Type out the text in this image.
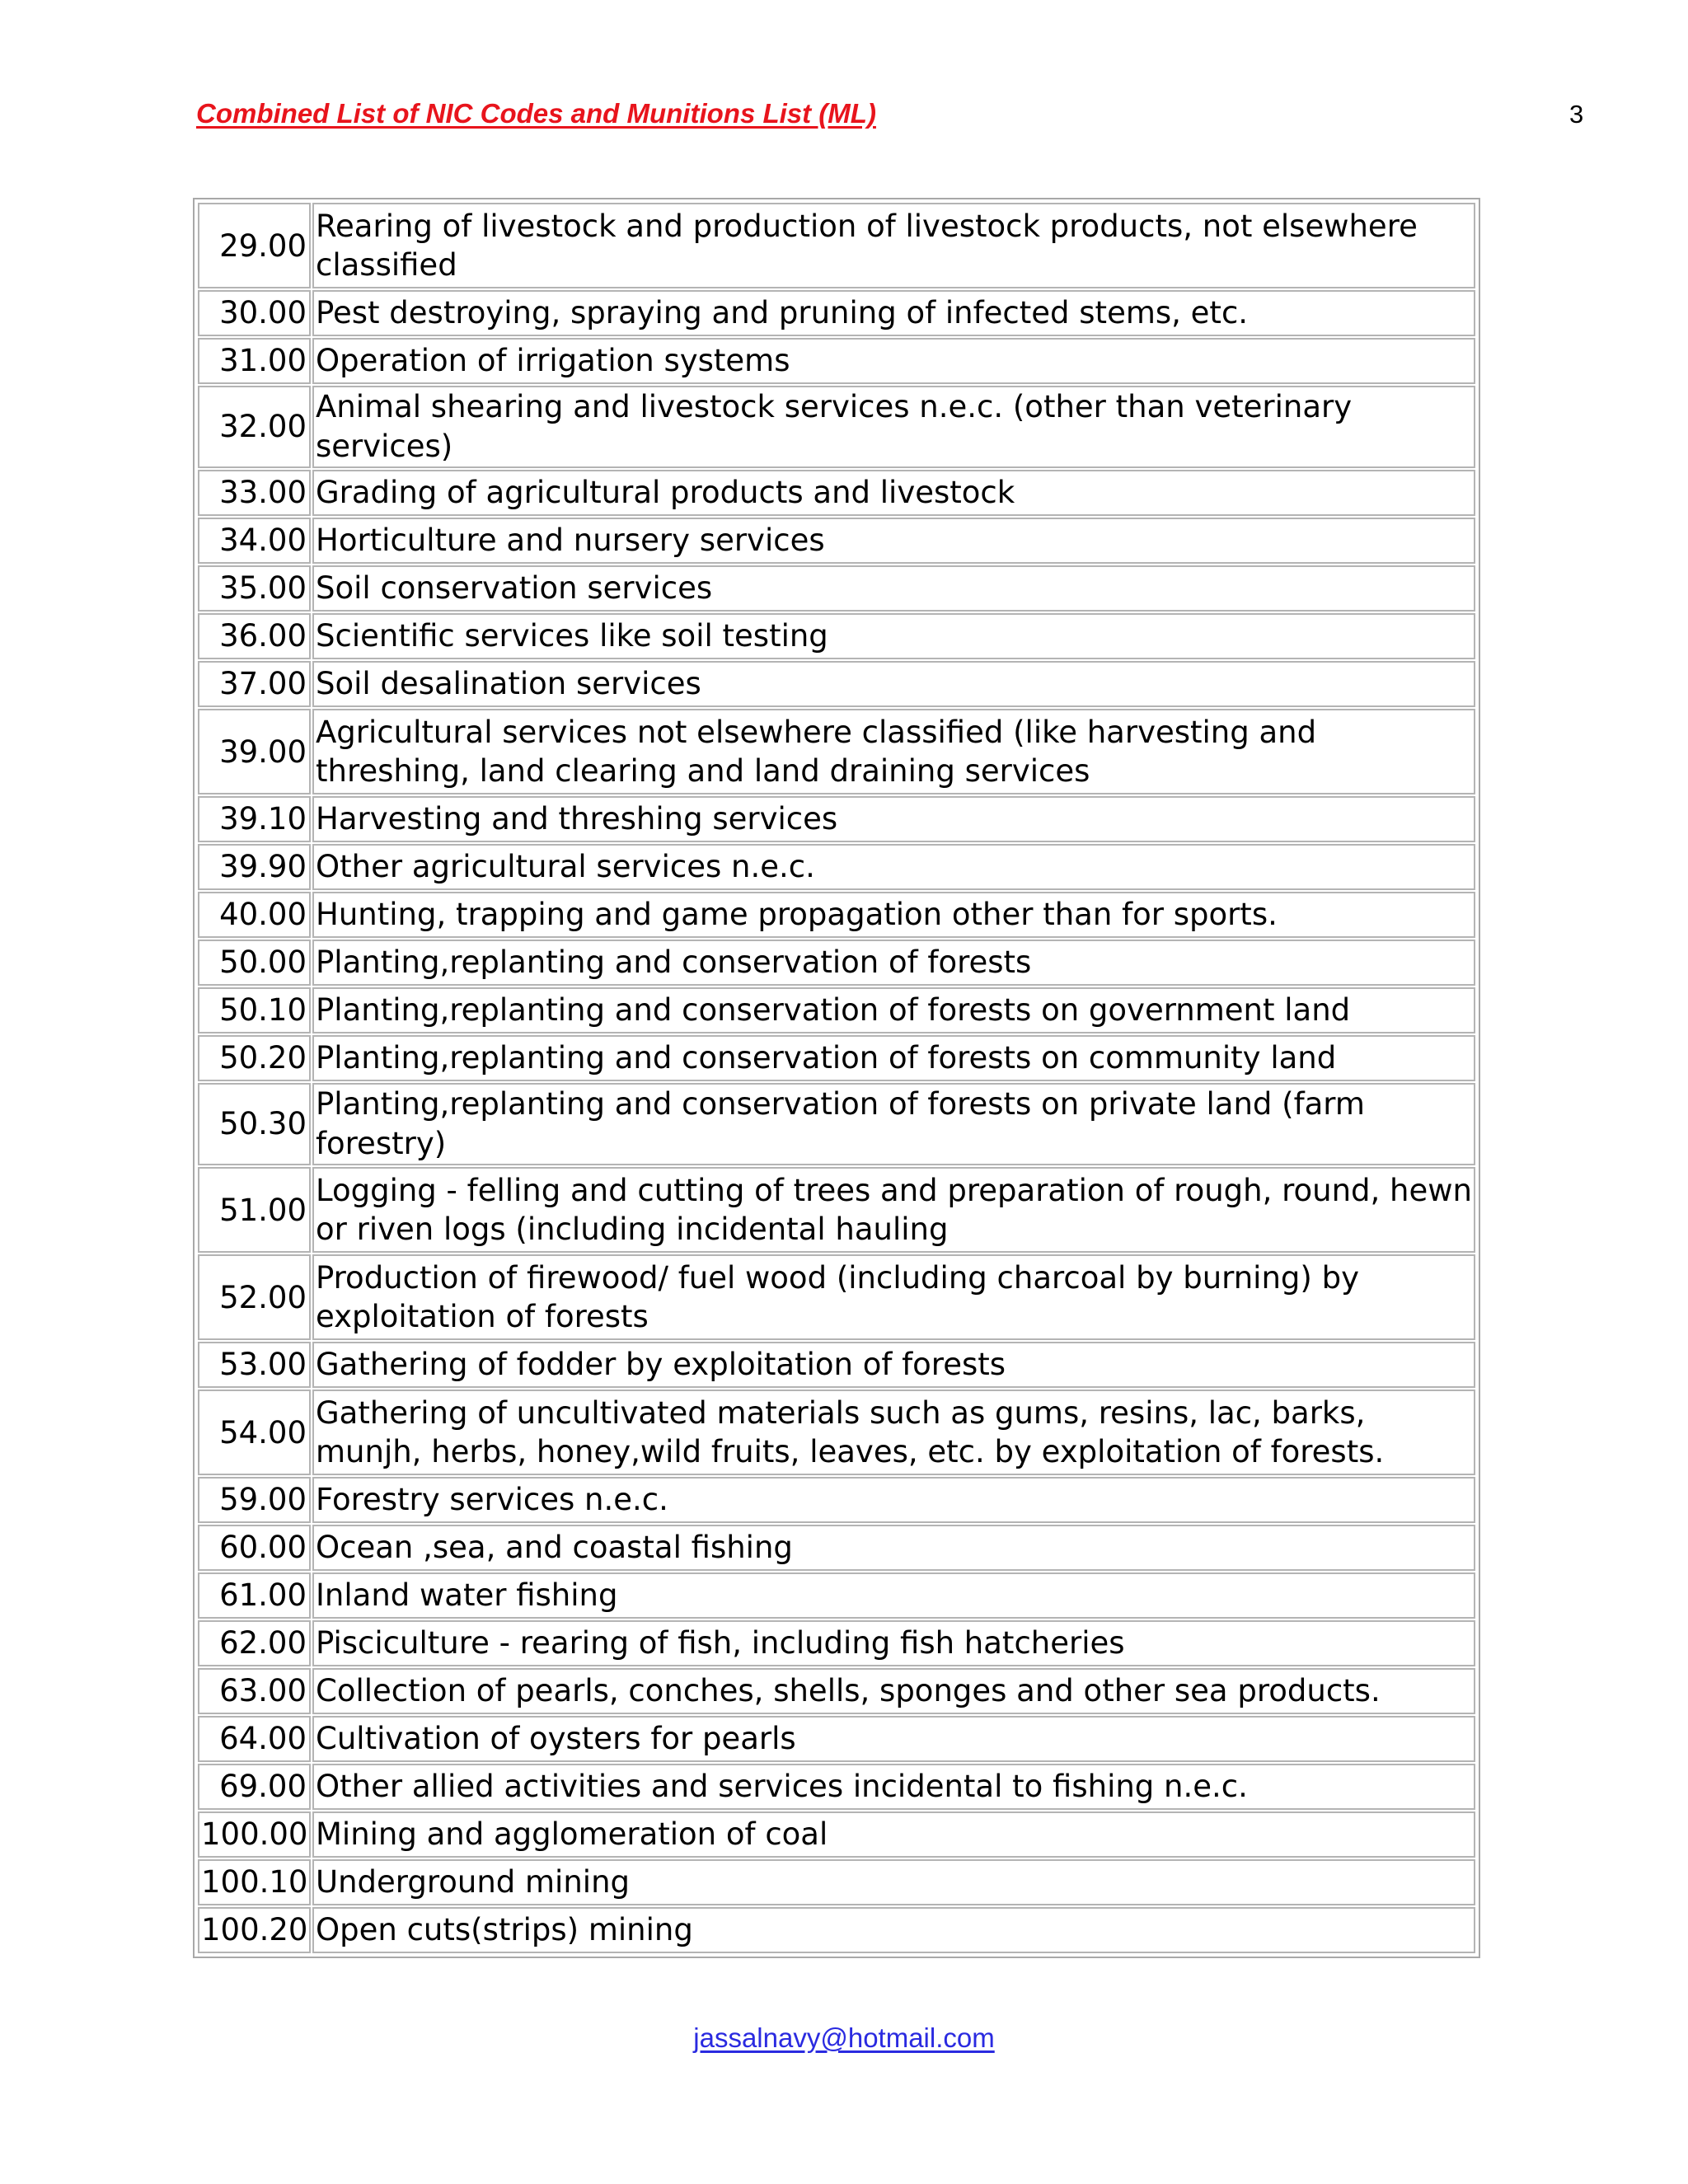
Combined List of NIC Codes and Munitions List (ML)	3
29.00	Rearing of livestock and production of livestock products, not elsewhere classified
30.00	Pest destroying, spraying and pruning of infected stems, etc.
31.00	Operation of irrigation systems
32.00	Animal shearing and livestock services n.e.c. (other than veterinary services)
33.00	Grading of agricultural products and livestock
34.00	Horticulture and nursery services
35.00	Soil conservation services
36.00	Scientific services like soil testing
37.00	Soil desalination services
39.00	Agricultural services not elsewhere classified (like harvesting and threshing, land clearing and land draining services
39.10	Harvesting and threshing services
39.90	Other agricultural services n.e.c.
40.00	Hunting, trapping and game propagation other than for sports.
50.00	Planting,replanting and conservation of forests
50.10	Planting,replanting and conservation of forests on government land
50.20	Planting,replanting and conservation of forests on community land
50.30	Planting,replanting and conservation of forests on private land (farm forestry)
51.00	Logging - felling and cutting of trees and preparation of rough, round, hewn or riven logs (including incidental hauling
52.00	Production of firewood/ fuel wood (including charcoal by burning) by exploitation of forests
53.00	Gathering of fodder by exploitation of forests
54.00	Gathering of uncultivated materials such as gums, resins, lac, barks, munjh, herbs, honey,wild fruits, leaves, etc. by exploitation of forests.
59.00	Forestry services n.e.c.
60.00	Ocean ,sea, and coastal fishing
61.00	Inland water fishing
62.00	Pisciculture - rearing of fish, including fish hatcheries
63.00	Collection of pearls, conches, shells, sponges and other sea products.
64.00	Cultivation of oysters for pearls
69.00	Other allied activities and services incidental to fishing n.e.c.
100.00	Mining and agglomeration of coal
100.10	Underground mining
100.20	Open cuts(strips) mining
jassalnavy@hotmail.com
